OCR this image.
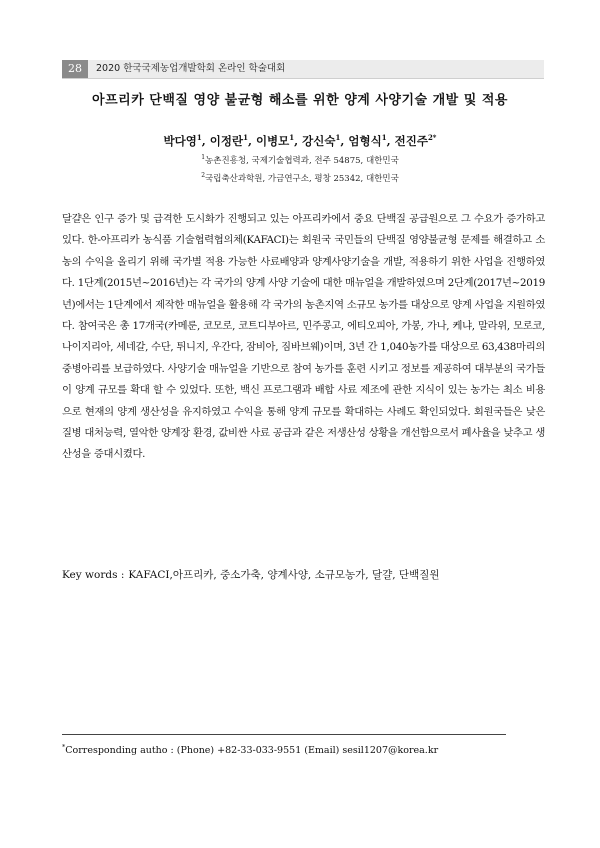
28	2020 한국국제농업개발학회 온라인 학술대회
아프리카 단백질 영양 불균형 해소를 위한 양계 사양기술 개발 및 적용
박다영$^1$, 이정란$^1$, 이병모$^1$, 강신숙$^1$, 엄형식$^1$, 전진주$^{2*}$
$^1$농촌진흥청, 국제기술협력과, 전주 54875, 대한민국
$^2$국립축산과학원, 가금연구소, 평창 25342, 대한민국
달걀은 인구 증가 및 급격한 도시화가 진행되고 있는 아프리카에서 중요 단백질 공급원으로 그 수요가 증가하고 있다. 한-아프리카 농식품 기술협력협의체(KAFACI)는 회원국 국민들의 단백질 영양불균형 문제를 해결하고 소농의 수익을 올리기 위해 국가별 적용 가능한 사료배양과 양계사양기술을 개발, 적용하기 위한 사업을 진행하였다. 1단계(2015년~2016년)는 각 국가의 양계 사양 기술에 대한 매뉴얼을 개발하였으며 2단계(2017년~2019년)에서는 1단계에서 제작한 매뉴얼을 활용해 각 국가의 농촌지역 소규모 농가를 대상으로 양계 사업을 지원하였다. 참여국은 총 17개국(카메룬, 코모로, 코트디부아르, 민주콩고, 에티오피아, 가봉, 가나, 케냐, 말라위, 모로코, 나이지리아, 세네갈, 수단, 튀니지, 우간다, 잠비아, 짐바브웨)이며, 3년 간 1,040농가를 대상으로 63,438마리의 중병아리를 보급하였다. 사양기술 매뉴얼을 기반으로 참여 농가를 훈련 시키고 정보를 제공하여 대부분의 국가들이 양계 규모를 확대 할 수 있었다. 또한, 백신 프로그램과 배합 사료 제조에 관한 지식이 있는 농가는 최소 비용으로 현재의 양계 생산성을 유지하였고 수익을 통해 양계 규모를 확대하는 사례도 확인되었다. 회원국들은 낮은 질병 대처능력, 열악한 양계장 환경, 값비싼 사료 공급과 같은 저생산성 상황을 개선함으로서 폐사율을 낮추고 생산성을 증대시켰다.
Key words : KAFACI,아프리카, 중소가축, 양계사양, 소규모농가, 달걀, 단백질원
*Corresponding autho : (Phone) +82-33-033-9551 (Email) sesil1207@korea.kr
